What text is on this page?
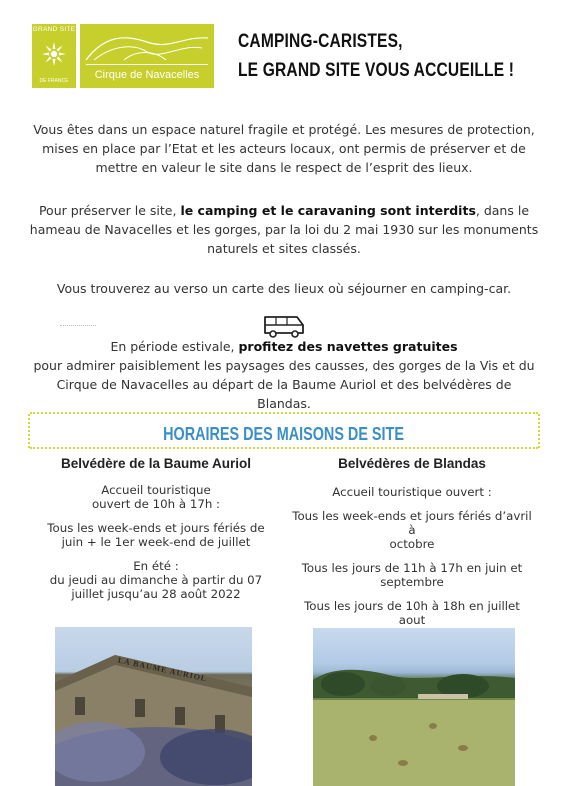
GRAND SITE
DE FRANCE	Cirque de Navacelles
CAMPING-CARISTES,
LE GRAND SITE VOUS ACCUEILLE !
Vous êtes dans un espace naturel fragile et protégé. Les mesures de protection,
mises en place par l’Etat et les acteurs locaux, ont permis de préserver et de
mettre en valeur le site dans le respect de l’esprit des lieux.
Pour préserver le site, le camping et le caravaning sont interdits, dans le
hameau de Navacelles et les gorges, par la loi du 2 mai 1930 sur les monuments
naturels et sites classés.
Vous trouverez au verso un carte des lieux où séjourner en camping-car.
En période estivale, profitez des navettes gratuites
pour admirer paisiblement les paysages des causses, des gorges de la Vis et du
Cirque de Navacelles au départ de la Baume Auriol et des belvédères de Blandas.
HORAIRES DES MAISONS DE SITE
Belvédère de la Baume Auriol
Accueil touristique
ouvert de 10h à 17h :
Tous les week-ends et jours fériés de
juin + le 1er week-end de juillet
En été :
du jeudi au dimanche à partir du 07
juillet jusqu’au 28 août 2022
Belvédères de Blandas
Accueil touristique ouvert :
Tous les week-ends et jours fériés d’avril à
octobre
Tous les jours de 11h à 17h en juin et
septembre
Tous les jours de 10h à 18h en juillet aout
LA BAUME AURIOL
